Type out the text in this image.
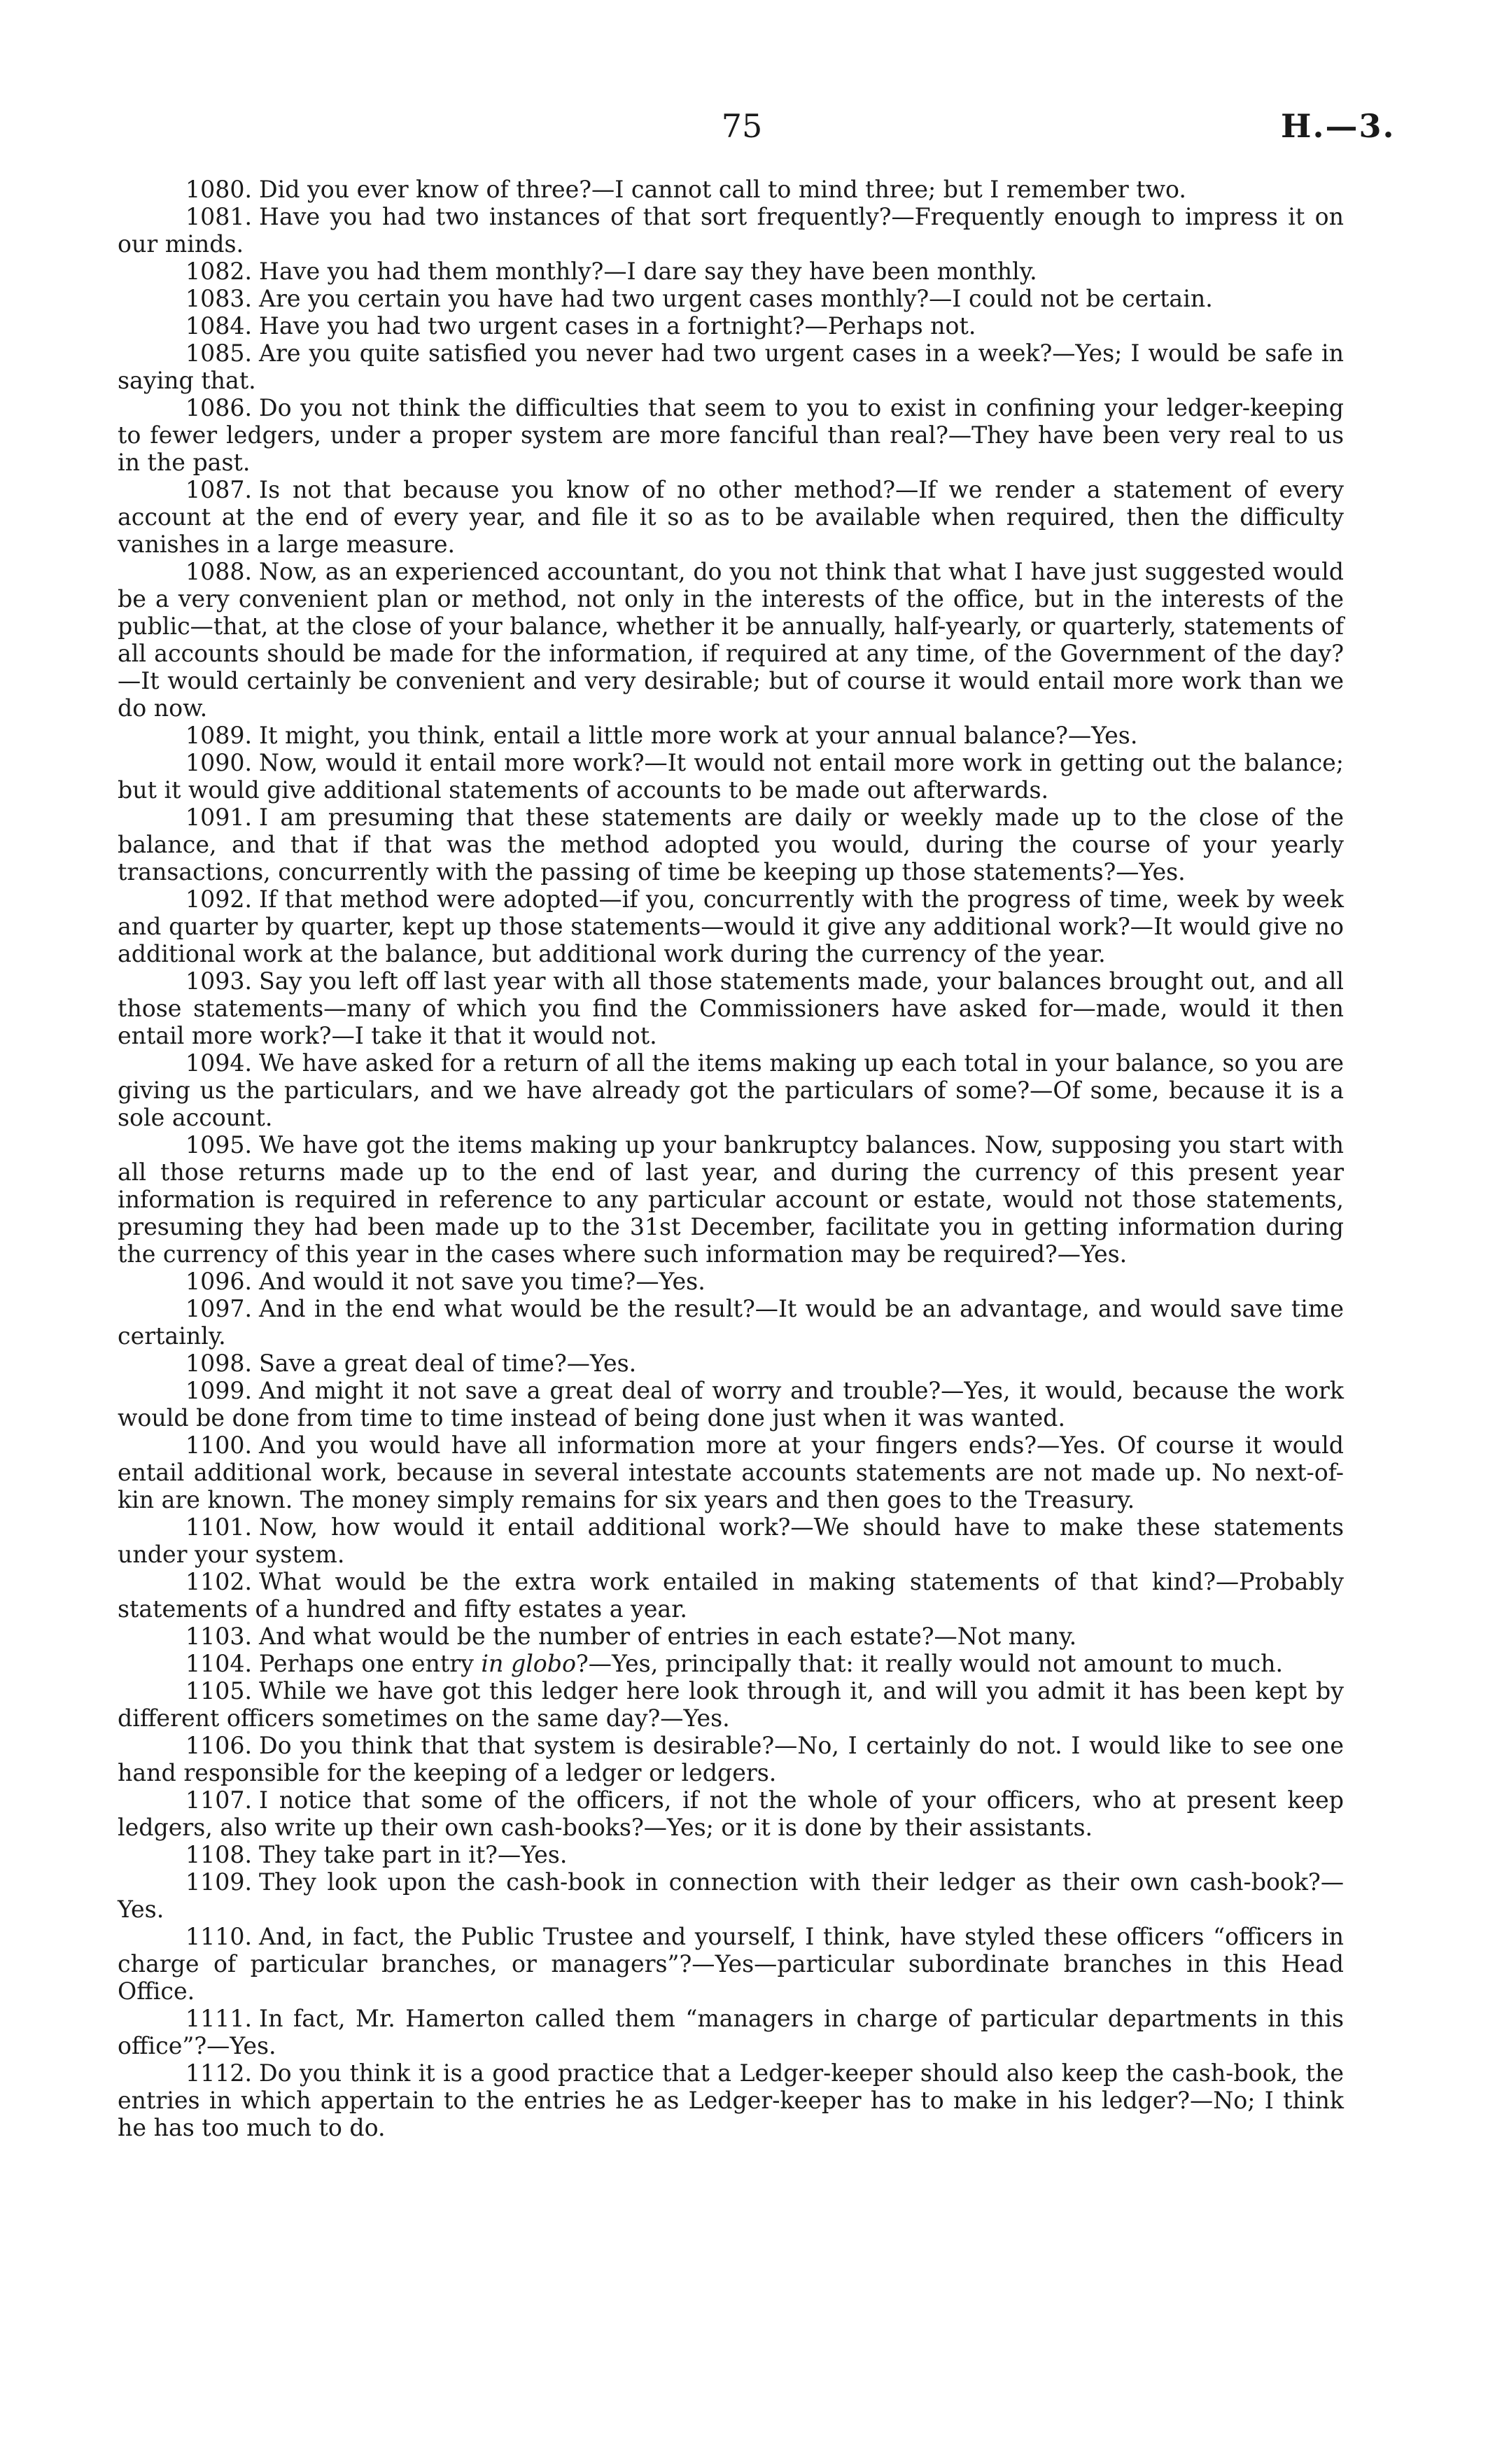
75	H.—3.

1080. Did you ever know of three?—I cannot call to mind three; but I remember two.

1081. Have you had two instances of that sort frequently?—Frequently enough to impress it on our minds.

1082. Have you had them monthly?—I dare say they have been monthly.

1083. Are you certain you have had two urgent cases monthly?—I could not be certain.

1084. Have you had two urgent cases in a fortnight?—Perhaps not.

1085. Are you quite satisfied you never had two urgent cases in a week?—Yes; I would be safe in saying that.

1086. Do you not think the difficulties that seem to you to exist in confining your ledger-keeping to fewer ledgers, under a proper system are more fanciful than real?—They have been very real to us in the past.

1087. Is not that because you know of no other method?—If we render a statement of every account at the end of every year, and file it so as to be available when required, then the difficulty vanishes in a large measure.

1088. Now, as an experienced accountant, do you not think that what I have just suggested would be a very convenient plan or method, not only in the interests of the office, but in the interests of the public—that, at the close of your balance, whether it be annually, half-yearly, or quarterly, statements of all accounts should be made for the information, if required at any time, of the Government of the day?—It would certainly be convenient and very desirable; but of course it would entail more work than we do now.

1089. It might, you think, entail a little more work at your annual balance?—Yes.

1090. Now, would it entail more work?—It would not entail more work in getting out the balance; but it would give additional statements of accounts to be made out afterwards.

1091. I am presuming that these statements are daily or weekly made up to the close of the balance, and that if that was the method adopted you would, during the course of your yearly transactions, concurrently with the passing of time be keeping up those statements?—Yes.

1092. If that method were adopted—if you, concurrently with the progress of time, week by week and quarter by quarter, kept up those statements—would it give any additional work?—It would give no additional work at the balance, but additional work during the currency of the year.

1093. Say you left off last year with all those statements made, your balances brought out, and all those statements—many of which you find the Commissioners have asked for—made, would it then entail more work?—I take it that it would not.

1094. We have asked for a return of all the items making up each total in your balance, so you are giving us the particulars, and we have already got the particulars of some?—Of some, because it is a sole account.

1095. We have got the items making up your bankruptcy balances. Now, supposing you start with all those returns made up to the end of last year, and during the currency of this present year information is required in reference to any particular account or estate, would not those statements, presuming they had been made up to the 31st December, facilitate you in getting information during the currency of this year in the cases where such information may be required?—Yes.

1096. And would it not save you time?—Yes.

1097. And in the end what would be the result?—It would be an advantage, and would save time certainly.

1098. Save a great deal of time?—Yes.

1099. And might it not save a great deal of worry and trouble?—Yes, it would, because the work would be done from time to time instead of being done just when it was wanted.

1100. And you would have all information more at your fingers ends?—Yes. Of course it would entail additional work, because in several intestate accounts statements are not made up. No next-of-kin are known. The money simply remains for six years and then goes to the Treasury.

1101. Now, how would it entail additional work?—We should have to make these statements under your system.

1102. What would be the extra work entailed in making statements of that kind?—Probably statements of a hundred and fifty estates a year.

1103. And what would be the number of entries in each estate?—Not many.

1104. Perhaps one entry in globo?—Yes, principally that: it really would not amount to much.

1105. While we have got this ledger here look through it, and will you admit it has been kept by different officers sometimes on the same day?—Yes.

1106. Do you think that that system is desirable?—No, I certainly do not. I would like to see one hand responsible for the keeping of a ledger or ledgers.

1107. I notice that some of the officers, if not the whole of your officers, who at present keep ledgers, also write up their own cash-books?—Yes; or it is done by their assistants.

1108. They take part in it?—Yes.

1109. They look upon the cash-book in connection with their ledger as their own cash-book?—Yes.

1110. And, in fact, the Public Trustee and yourself, I think, have styled these officers “officers in charge of particular branches, or managers”?—Yes—particular subordinate branches in this Head Office.

1111. In fact, Mr. Hamerton called them “managers in charge of particular departments in this office”?—Yes.

1112. Do you think it is a good practice that a Ledger-keeper should also keep the cash-book, the entries in which appertain to the entries he as Ledger-keeper has to make in his ledger?—No; I think he has too much to do.
